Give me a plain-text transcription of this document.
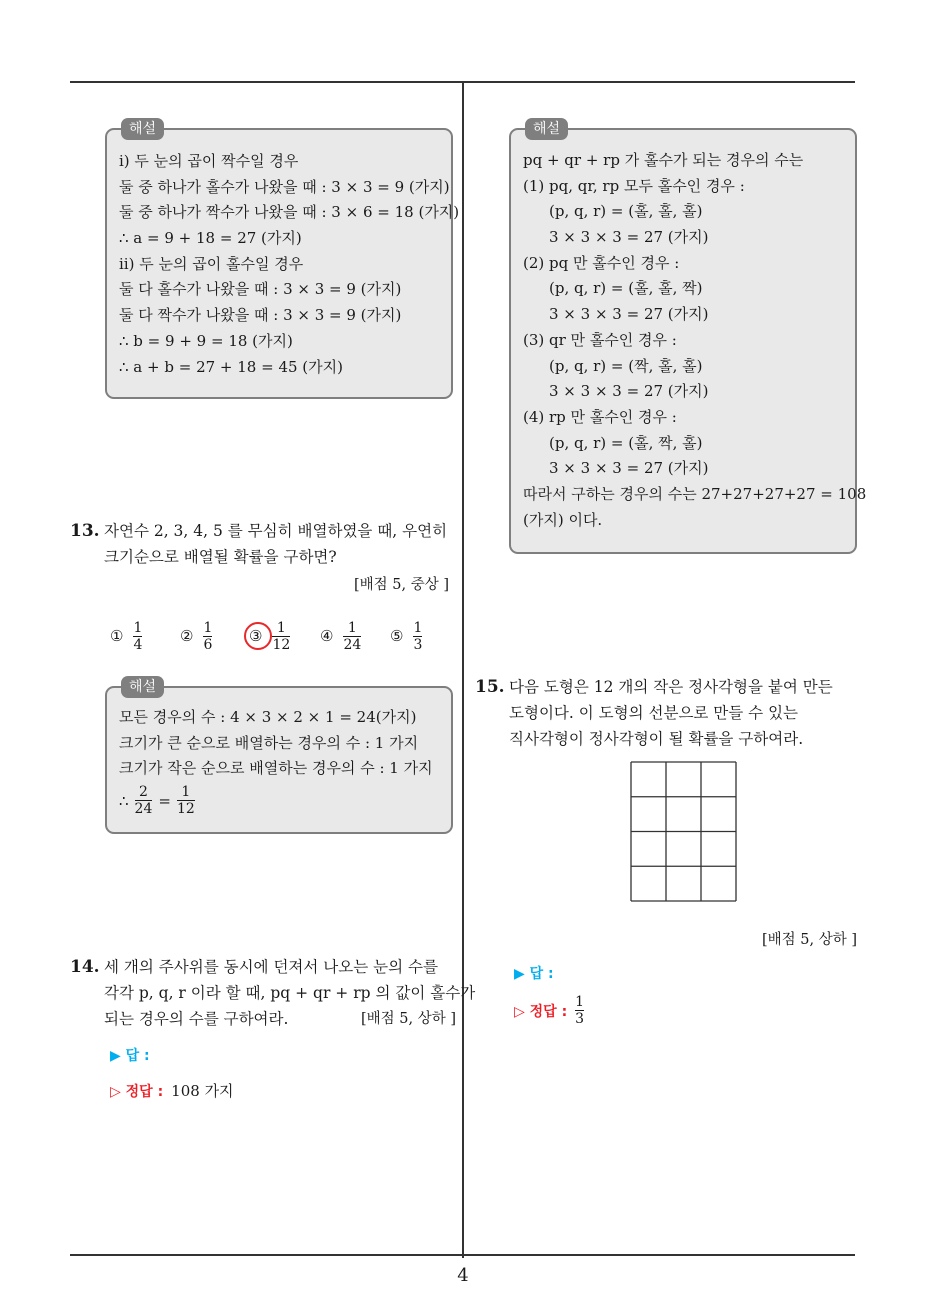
해설
ⅰ) 두 눈의 곱이 짝수일 경우
둘 중 하나가 홀수가 나왔을 때 : 3 × 3 = 9 (가지)
둘 중 하나가 짝수가 나왔을 때 : 3 × 6 = 18 (가지)
∴ a = 9 + 18 = 27 (가지)
ⅱ) 두 눈의 곱이 홀수일 경우
둘 다 홀수가 나왔을 때 : 3 × 3 = 9 (가지)
둘 다 짝수가 나왔을 때 : 3 × 3 = 9 (가지)
∴ b = 9 + 9 = 18 (가지)
∴ a + b = 27 + 18 = 45 (가지)
13. 자연수 2, 3, 4, 5 를 무심히 배열하였을 때, 우연히
크기순으로 배열될 확률을 구하면?
[배점 5, 중상 ]
① $\frac{1}{4}$	② $\frac{1}{6}$ ③ $\frac{1}{12}$ ④ $\frac{1}{24}$ ⑤ $\frac{1}{3}$
해설
모든 경우의 수 : 4 × 3 × 2 × 1 = 24(가지)
크기가 큰 순으로 배열하는 경우의 수 : 1 가지
크기가 작은 순으로 배열하는 경우의 수 : 1 가지
∴ $\frac{2}{24} = \frac{1}{12}$
14. 세 개의 주사위를 동시에 던져서 나오는 눈의 수를
각각 p, q, r 이라 할 때, pq + qr + rp 의 값이 홀수가
되는 경우의 수를 구하여라.	[배점 5, 상하 ]
▶ 답 :
▷ 정답 : 108 가지
해설
pq + qr + rp 가 홀수가 되는 경우의 수는
(1) pq, qr, rp 모두 홀수인 경우 :
(p, q, r) = (홀, 홀, 홀)
3 × 3 × 3 = 27 (가지)
(2) pq 만 홀수인 경우 :
(p, q, r) = (홀, 홀, 짝)
3 × 3 × 3 = 27 (가지)
(3) qr 만 홀수인 경우 :
(p, q, r) = (짝, 홀, 홀)
3 × 3 × 3 = 27 (가지)
(4) rp 만 홀수인 경우 :
(p, q, r) = (홀, 짝, 홀)
3 × 3 × 3 = 27 (가지)
따라서 구하는 경우의 수는 27+27+27+27 = 108
(가지) 이다.
15. 다음 도형은 12 개의 작은 정사각형을 붙여 만든
도형이다. 이 도형의 선분으로 만들 수 있는
직사각형이 정사각형이 될 확률을 구하여라.
[배점 5, 상하 ]
▶ 답 :
▷ 정답 : $\frac{1}{3}$
4
